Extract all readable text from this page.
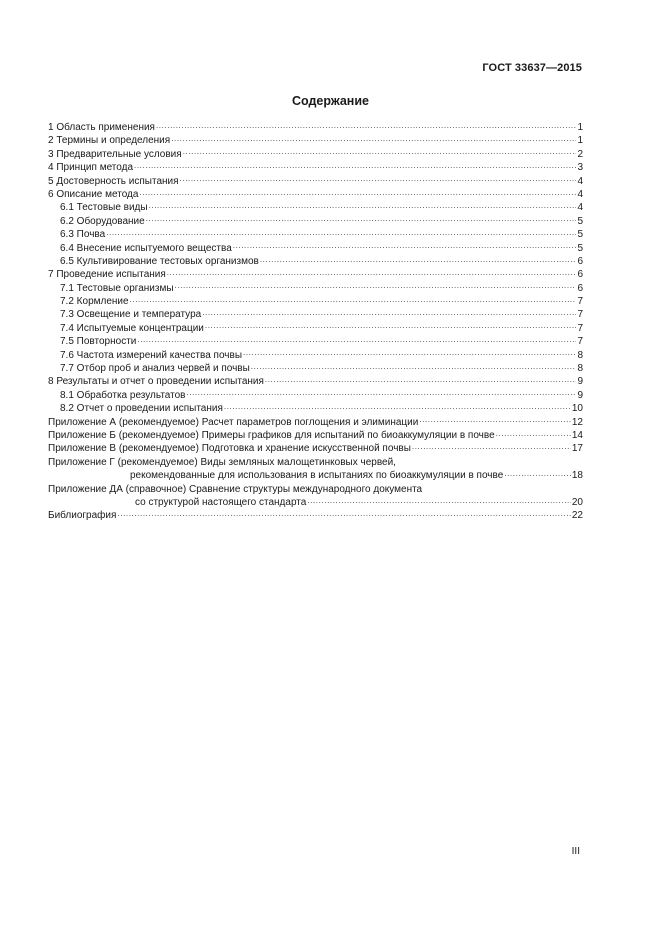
ГОСТ 33637—2015
Содержание
1 Область применения .....	1
2 Термины и определения .....	1
3 Предварительные условия .....	2
4 Принцип метода .....	3
5 Достоверность испытания .....	4
6 Описание метода .....	4
6.1 Тестовые виды .....	4
6.2 Оборудование .....	5
6.3 Почва .....	5
6.4 Внесение испытуемого вещества .....	5
6.5 Культивирование тестовых организмов .....	6
7 Проведение испытания .....	6
7.1 Тестовые организмы .....	6
7.2 Кормление .....	7
7.3 Освещение и температура .....	7
7.4 Испытуемые концентрации .....	7
7.5 Повторности .....	7
7.6 Частота измерений качества почвы .....	8
7.7 Отбор проб и анализ червей и почвы .....	8
8 Результаты и отчет о проведении испытания .....	9
8.1 Обработка результатов .....	9
8.2 Отчет о проведении испытания .....	10
Приложение А (рекомендуемое) Расчет параметров поглощения и элиминации .....	12
Приложение Б (рекомендуемое) Примеры графиков для испытаний по биоаккумуляции в почве .....	14
Приложение В (рекомендуемое) Подготовка и хранение искусственной почвы .....	17
Приложение Г (рекомендуемое) Виды земляных малощетинковых червей,
рекомендованные для использования в испытаниях по биоаккумуляции в почве .....	18
Приложение ДА (справочное) Сравнение структуры международного документа
со структурой настоящего стандарта .....	20
Библиография .....	22
III
